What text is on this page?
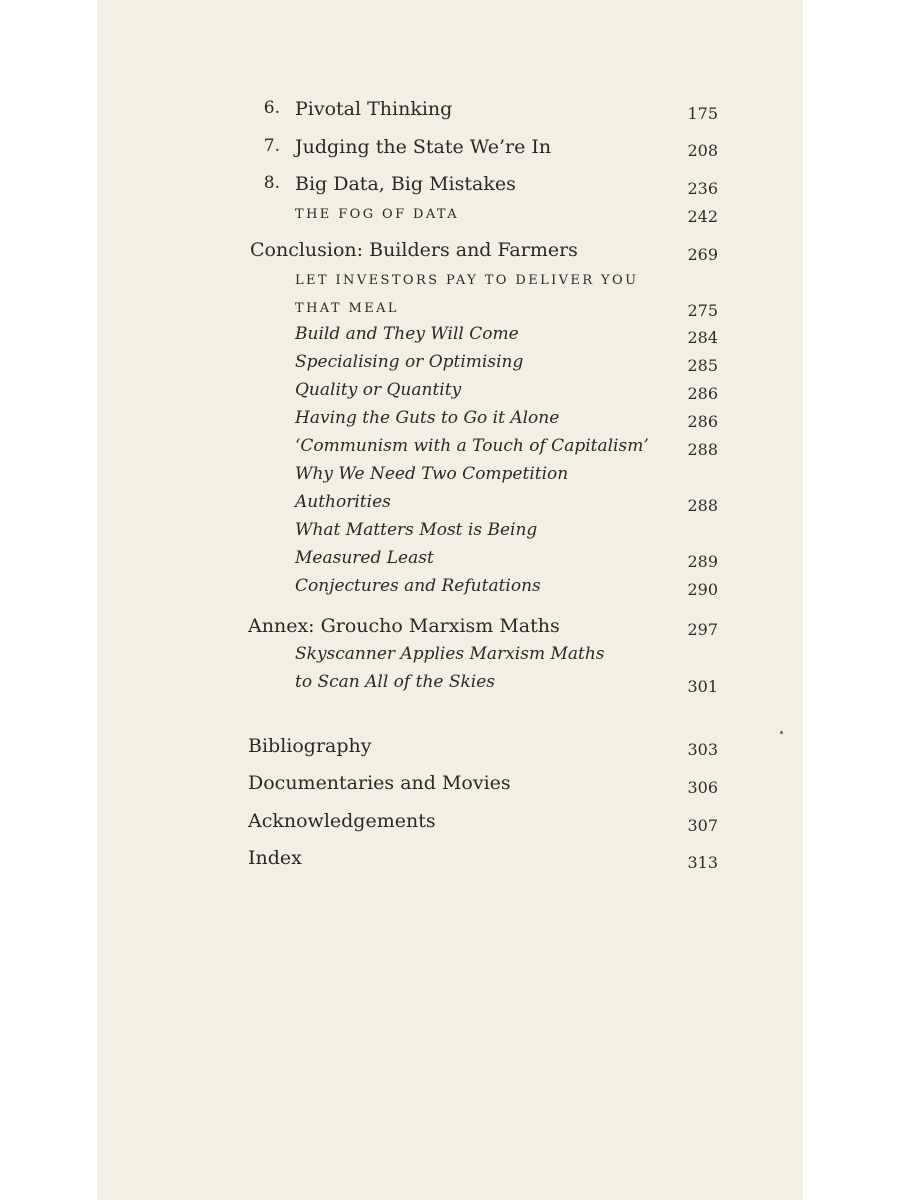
6. Pivotal Thinking	175
7. Judging the State We’re In	208
8. Big Data, Big Mistakes	236
THE FOG OF DATA	242
Conclusion: Builders and Farmers	269
LET INVESTORS PAY TO DELIVER YOU
THAT MEAL	275
Build and They Will Come	284
Specialising or Optimising	285
Quality or Quantity	286
Having the Guts to Go it Alone	286
‘Communism with a Touch of Capitalism’ 288
Why We Need Two Competition
Authorities	288
What Matters Most is Being
Measured Least	289
Conjectures and Refutations	290
Annex: Groucho Marxism Maths	297
Skyscanner Applies Marxism Maths
to Scan All of the Skies	301
Bibliography	303
Documentaries and Movies	306
Acknowledgements	307
Index	313
